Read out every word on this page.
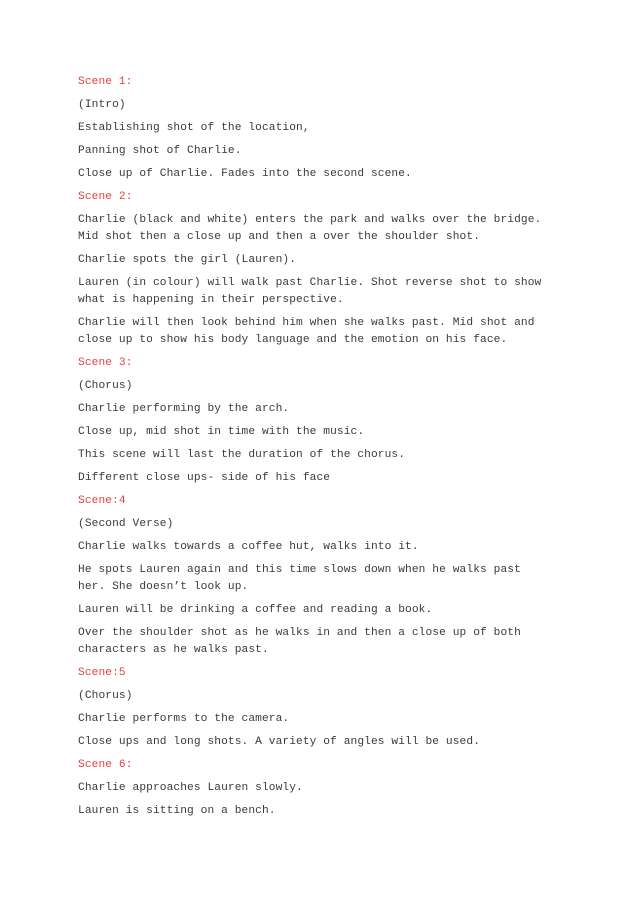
Scene 1:
(Intro)
Establishing shot of the location,
Panning shot of Charlie.
Close up of Charlie. Fades into the second scene.
Scene 2:
Charlie (black and white) enters the park and walks over the bridge.
Mid shot then a close up and then a over the shoulder shot.
Charlie spots the girl (Lauren).
Lauren (in colour) will walk past Charlie. Shot reverse shot to show
what is happening in their perspective.
Charlie will then look behind him when she walks past. Mid shot and
close up to show his body language and the emotion on his face.
Scene 3:
(Chorus)
Charlie performing by the arch.
Close up, mid shot in time with the music.
This scene will last the duration of the chorus.
Different close ups- side of his face
Scene:4
(Second Verse)
Charlie walks towards a coffee hut, walks into it.
He spots Lauren again and this time slows down when he walks past
her. She doesn’t look up.
Lauren will be drinking a coffee and reading a book.
Over the shoulder shot as he walks in and then a close up of both
characters as he walks past.
Scene:5
(Chorus)
Charlie performs to the camera.
Close ups and long shots. A variety of angles will be used.
Scene 6:
Charlie approaches Lauren slowly.
Lauren is sitting on a bench.
